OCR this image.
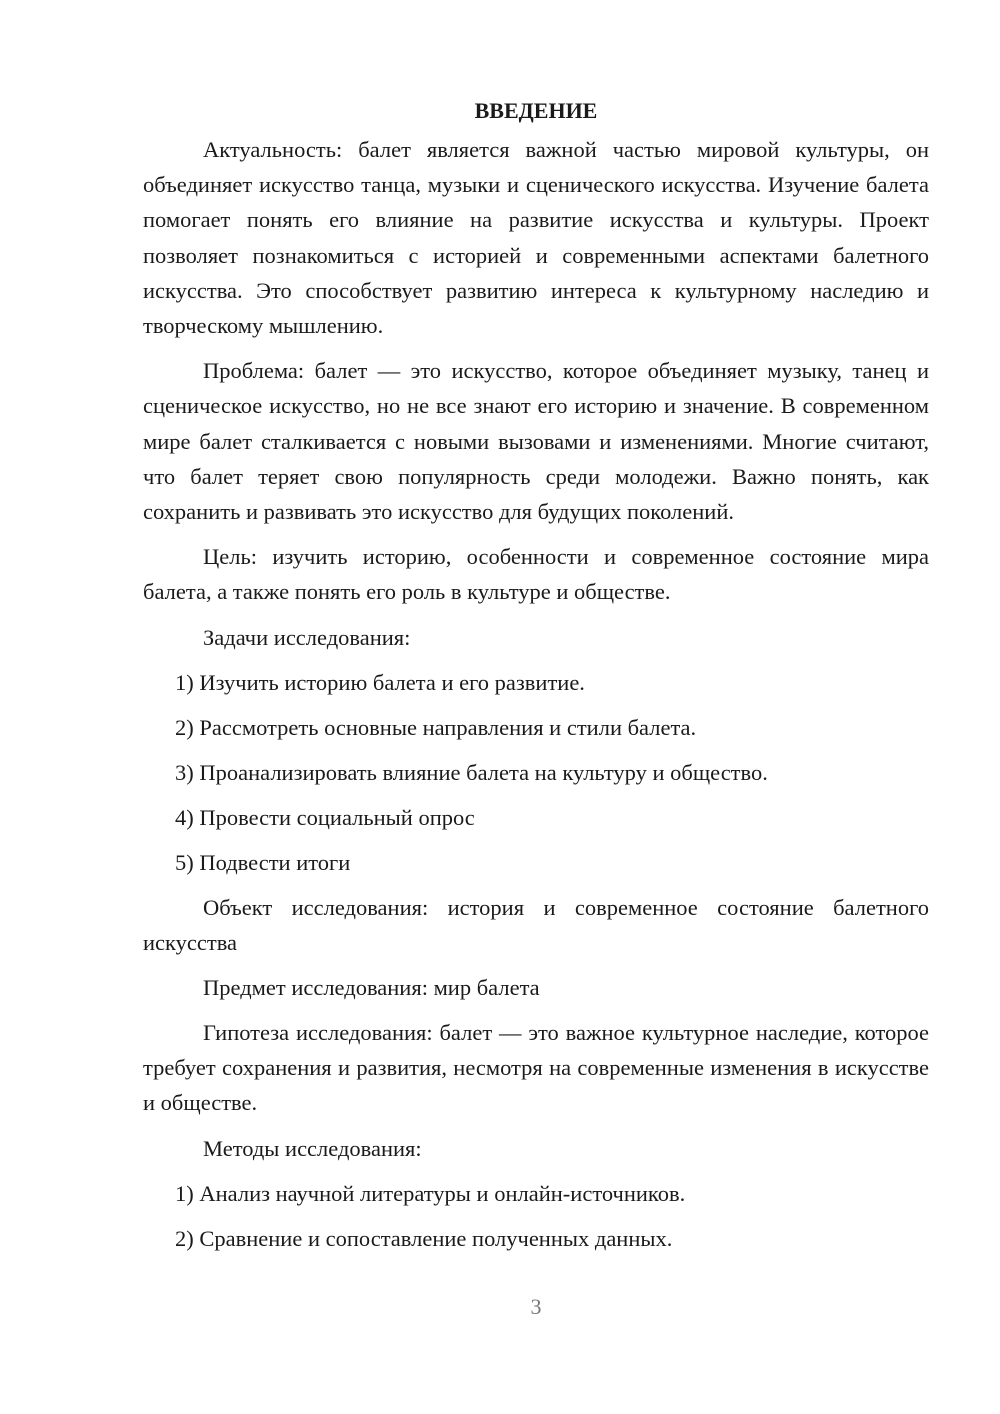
ВВЕДЕНИЕ

Актуальность: балет является важной частью мировой культуры, он объединяет искусство танца, музыки и сценического искусства. Изучение балета помогает понять его влияние на развитие искусства и культуры. Проект позволяет познакомиться с историей и современными аспектами балетного искусства. Это способствует развитию интереса к культурному наследию и творческому мышлению.

Проблема: балет — это искусство, которое объединяет музыку, танец и сценическое искусство, но не все знают его историю и значение. В современном мире балет сталкивается с новыми вызовами и изменениями. Многие считают, что балет теряет свою популярность среди молодежи. Важно понять, как сохранить и развивать это искусство для будущих поколений.

Цель: изучить историю, особенности и современное состояние мира балета, а также понять его роль в культуре и обществе.

Задачи исследования:
1) Изучить историю балета и его развитие.
2) Рассмотреть основные направления и стили балета.
3) Проанализировать влияние балета на культуру и общество.
4) Провести социальный опрос
5) Подвести итоги

Объект исследования: история и современное состояние балетного искусства

Предмет исследования: мир балета

Гипотеза исследования: балет — это важное культурное наследие, которое требует сохранения и развития, несмотря на современные изменения в искусстве и обществе.

Методы исследования:
1) Анализ научной литературы и онлайн-источников.
2) Сравнение и сопоставление полученных данных.
3
